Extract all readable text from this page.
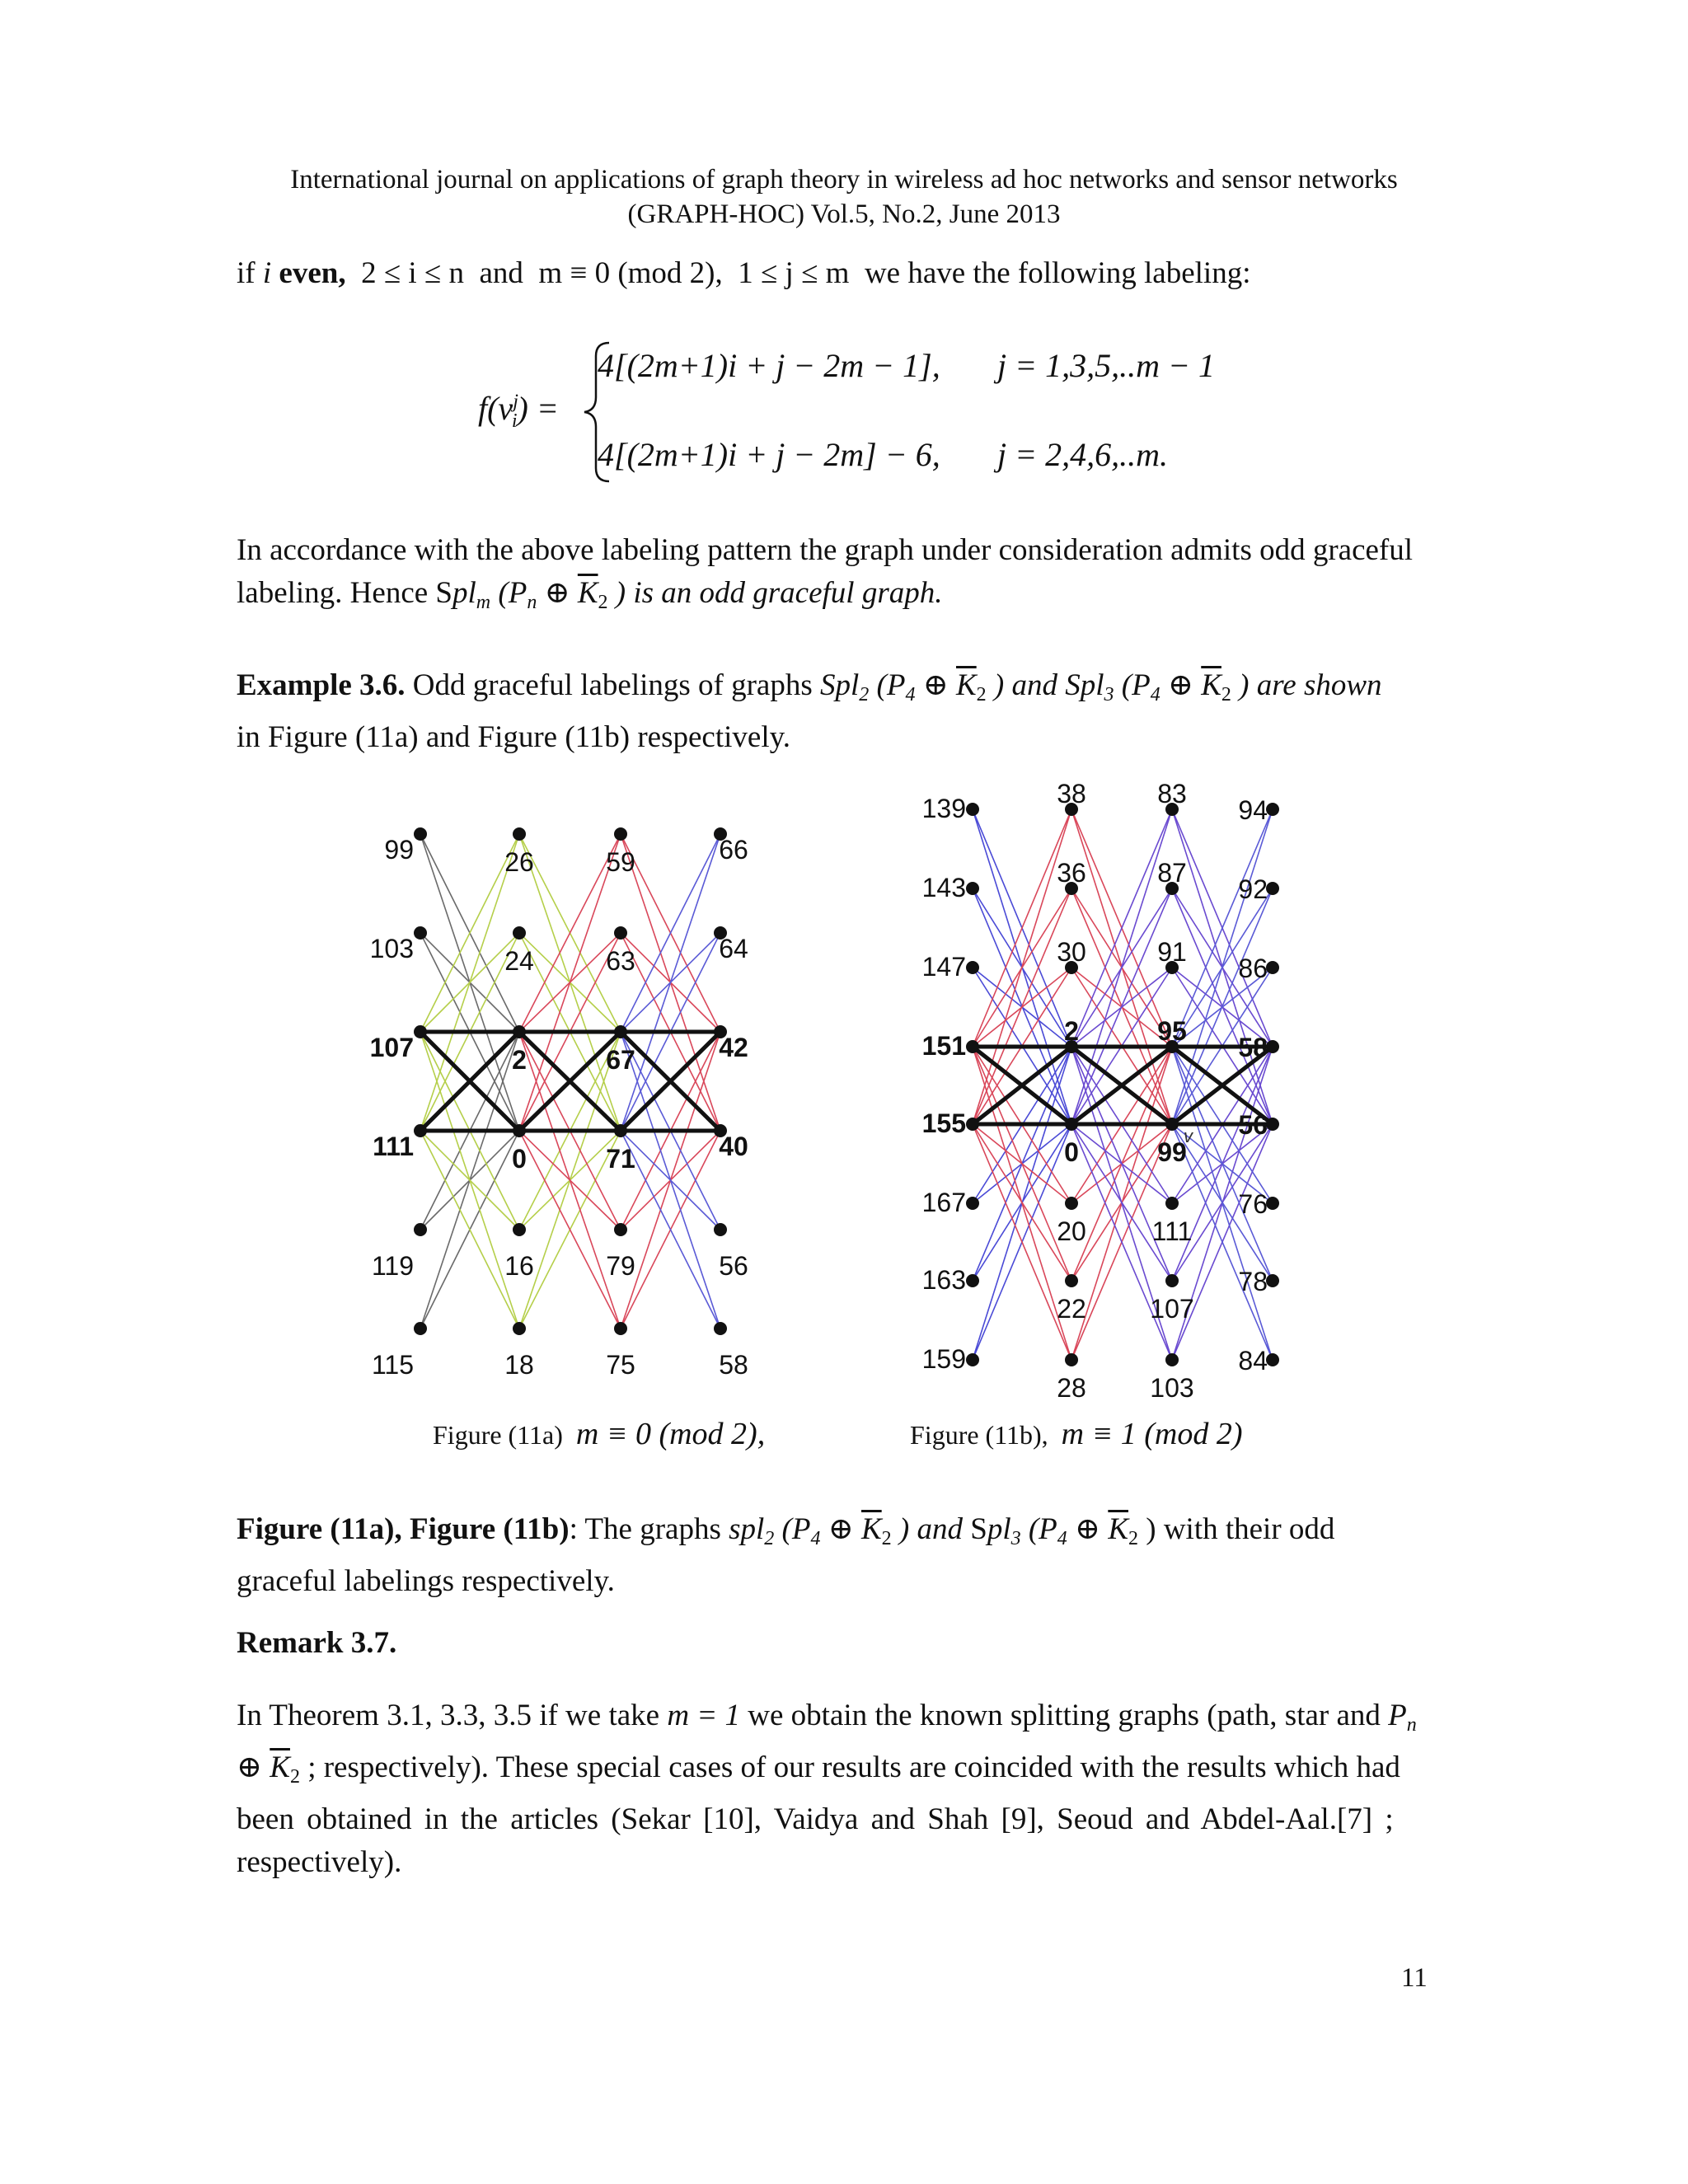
International journal on applications of graph theory in wireless ad hoc networks and sensor networks
(GRAPH-HOC) Vol.5, No.2, June 2013
if i even, 2 ≤ i ≤ n and m ≡ 0 (mod 2), 1 ≤ j ≤ m we have the following labeling:
$f(v^j_i)$ =
4[(2m+1)i + j − 2m − 1], j = 1,3,5,..m − 1
4[(2m+1)i + j − 2m] − 6, j = 2,4,6,..m.
In accordance with the above labeling pattern the graph under consideration admits odd graceful
labeling. Hence Spl$_m$ ($P_n$ ⊕ $\overline{K}_2$ ) is an odd graceful graph.
Example 3.6. Odd graceful labelings of graphs Spl$_2$ ($P_4$ ⊕ $\overline{K}_2$ ) and Spl$_3$ ($P_4$ ⊕ $\overline{K}_2$ ) are shown
in Figure (11a) and Figure (11b) respectively.
99
103
107
111
119
115
26
24
2
0
16
18
59
63
67
71
79
75
66
64
42
40
56
58
139
143
147
151
155
167
163
159
38
36
30
2
0
20
22
28
83
87
91
95
99
111
107
103
94
92
86
58
56
76
78
84
v
Figure (11a) m ≡ 0 (mod 2),	Figure (11b), m ≡ 1 (mod 2)
Figure (11a), Figure (11b): The graphs spl$_2$ ($P_4$ ⊕ $\overline{K}_2$ ) and Spl$_3$ ($P_4$ ⊕ $\overline{K}_2$ ) with their odd
graceful labelings respectively.
Remark 3.7.
In Theorem 3.1, 3.3, 3.5 if we take m = 1 we obtain the known splitting graphs (path, star and $P_n$
⊕ $\overline{K}_2$ ; respectively). These special cases of our results are coincided with the results which had
been obtained in the articles (Sekar [10], Vaidya and Shah [9], Seoud and Abdel-Aal.[7] ;
respectively).
11
